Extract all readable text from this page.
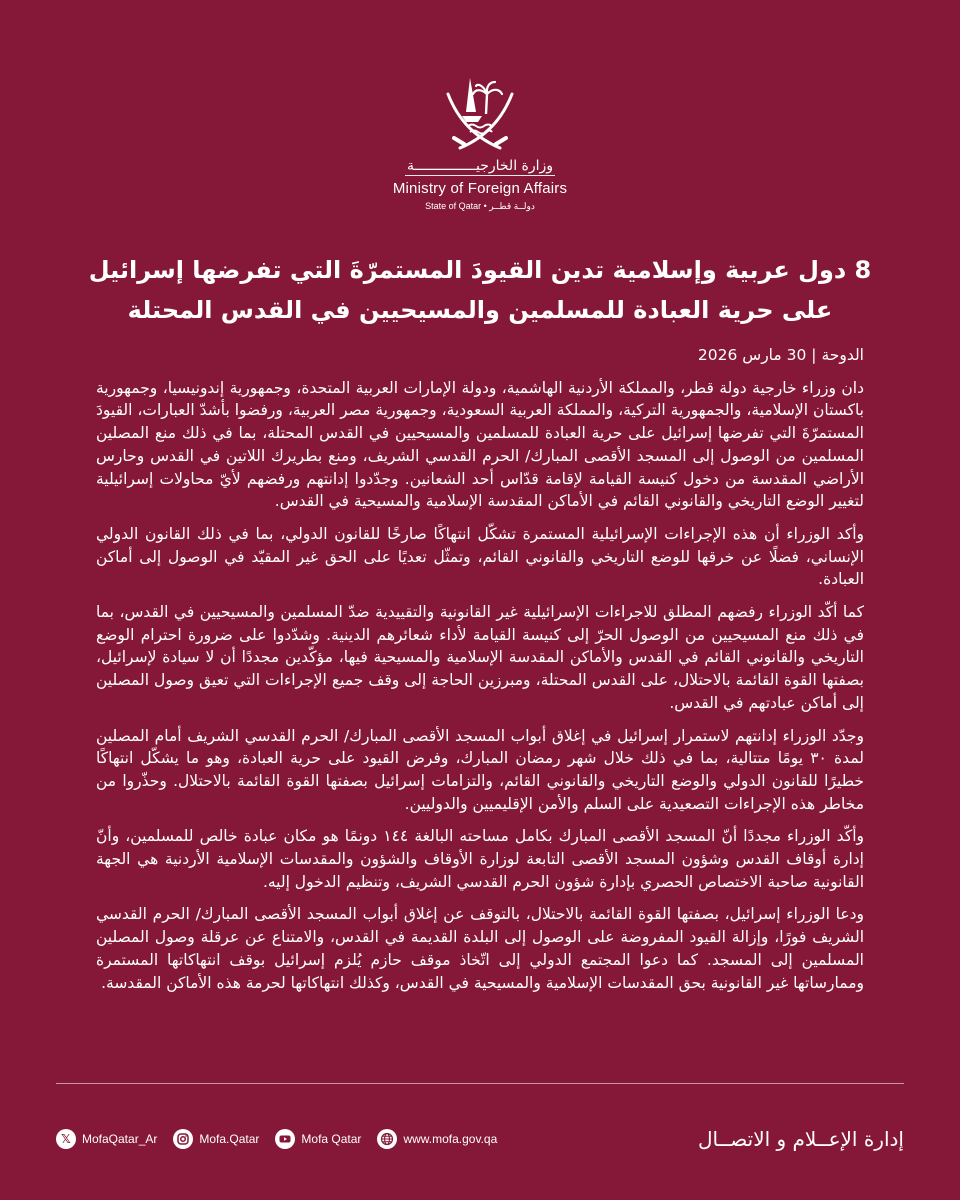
وزارة الخارجيـــــــــــــــة
Ministry of Foreign Affairs
State of Qatar • دولــة قطــر
8 دول عربية وإسلامية تدين القيودَ المستمرّةَ التي تفرضها إسرائيل على حرية العبادة للمسلمين والمسيحيين في القدس المحتلة

الدوحة | 30 مارس 2026

دان وزراء خارجية دولة قطر، والمملكة الأردنية الهاشمية، ودولة الإمارات العربية المتحدة، وجمهورية إندونيسيا، وجمهورية باكستان الإسلامية، والجمهورية التركية، والمملكة العربية السعودية، وجمهورية مصر العربية، ورفضوا بأشدّ العبارات، القيودَ المستمرّةَ التي تفرضها إسرائيل على حرية العبادة للمسلمين والمسيحيين في القدس المحتلة، بما في ذلك منع المصلين المسلمين من الوصول إلى المسجد الأقصى المبارك/ الحرم القدسي الشريف، ومنع بطريرك اللاتين في القدس وحارس الأراضي المقدسة من دخول كنيسة القيامة لإقامة قدّاس أحد الشعانين. وجدّدوا إدانتهم ورفضهم لأيّ محاولات إسرائيلية لتغيير الوضع التاريخي والقانوني القائم في الأماكن المقدسة الإسلامية والمسيحية في القدس.

وأكد الوزراء أن هذه الإجراءات الإسرائيلية المستمرة تشكّل انتهاكًا صارخًا للقانون الدولي، بما في ذلك القانون الدولي الإنساني، فضلًا عن خرقها للوضع التاريخي والقانوني القائم، وتمثّل تعديًا على الحق غير المقيّد في الوصول إلى أماكن العبادة.

كما أكّد الوزراء رفضهم المطلق للاجراءات الإسرائيلية غير القانونية والتقييدية ضدّ المسلمين والمسيحيين في القدس، بما في ذلك منع المسيحيين من الوصول الحرّ إلى كنيسة القيامة لأداء شعائرهم الدينية. وشدّدوا على ضرورة احترام الوضع التاريخي والقانوني القائم في القدس والأماكن المقدسة الإسلامية والمسيحية فيها، مؤكّدين مجددًا أن لا سيادة لإسرائيل، بصفتها القوة القائمة بالاحتلال، على القدس المحتلة، ومبرزين الحاجة إلى وقف جميع الإجراءات التي تعيق وصول المصلين إلى أماكن عبادتهم في القدس.

وجدّد الوزراء إدانتهم لاستمرار إسرائيل في إغلاق أبواب المسجد الأقصى المبارك/ الحرم القدسي الشريف أمام المصلين لمدة ٣٠ يومًا متتالية، بما في ذلك خلال شهر رمضان المبارك، وفرض القيود على حرية العبادة، وهو ما يشكّل انتهاكًا خطيرًا للقانون الدولي والوضع التاريخي والقانوني القائم، والتزامات إسرائيل بصفتها القوة القائمة بالاحتلال. وحذّروا من مخاطر هذه الإجراءات التصعيدية على السلم والأمن الإقليميين والدوليين.

وأكّد الوزراء مجددًا أنّ المسجد الأقصى المبارك بكامل مساحته البالغة ١٤٤ دونمًا هو مكان عبادة خالص للمسلمين، وأنّ إدارة أوقاف القدس وشؤون المسجد الأقصى التابعة لوزارة الأوقاف والشؤون والمقدسات الإسلامية الأردنية هي الجهة القانونية صاحبة الاختصاص الحصري بإدارة شؤون الحرم القدسي الشريف، وتنظيم الدخول إليه.

ودعا الوزراء إسرائيل، بصفتها القوة القائمة بالاحتلال، بالتوقف عن إغلاق أبواب المسجد الأقصى المبارك/ الحرم القدسي الشريف فورًا، وإزالة القيود المفروضة على الوصول إلى البلدة القديمة في القدس، والامتناع عن عرقلة وصول المصلين المسلمين إلى المسجد. كما دعوا المجتمع الدولي إلى اتّخاذ موقف حازم يُلزم إسرائيل بوقف انتهاكاتها المستمرة وممارساتها غير القانونية بحق المقدسات الإسلامية والمسيحية في القدس، وكذلك انتهاكاتها لحرمة هذه الأماكن المقدسة.

𝕏 MofaQatar_Ar	Mofa.Qatar	Mofa Qatar	www.mofa.gov.qa	إدارة الإعــلام و الاتصــال
